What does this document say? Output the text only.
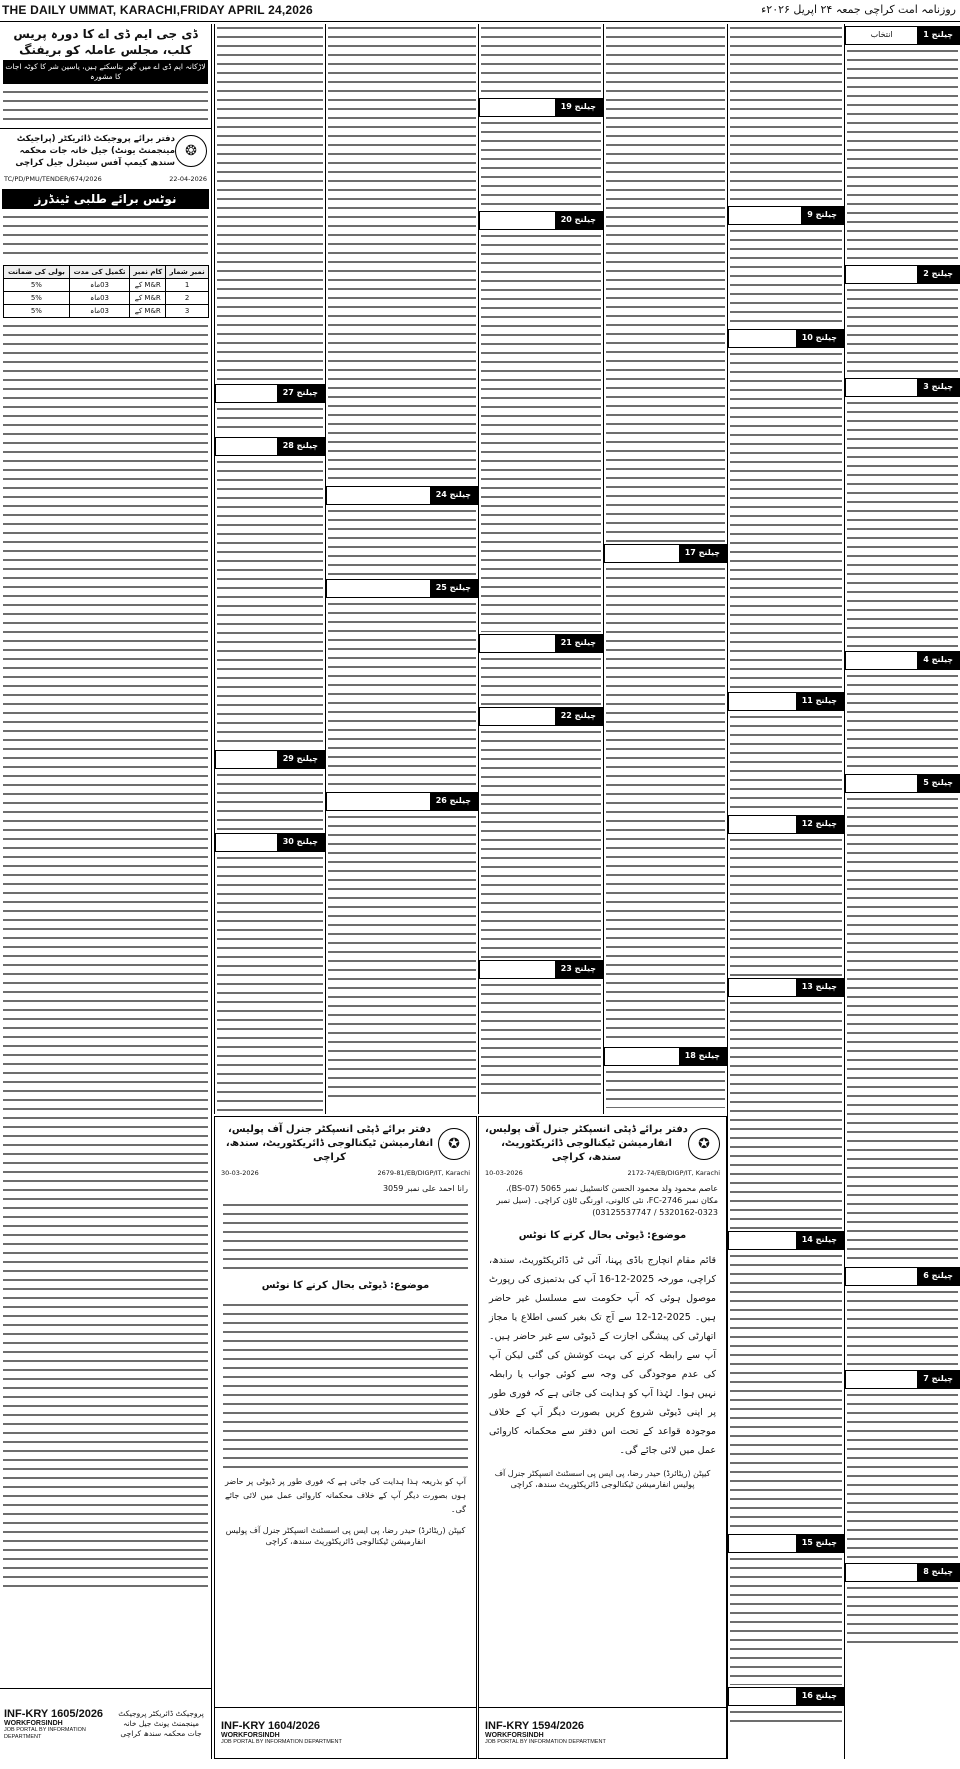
THE DAILY UMMAT, KARACHI,FRIDAY APRIL 24,2026	روزنامہ امت کراچی جمعہ ۲۴ اپریل ۲۰۲۶ء
ڈی جی ایم ڈی اے کا دورہ پریس کلب، مجلس عاملہ کو بریفنگ
لاڑکانہ ایم ڈی اے میں گھر بناسکتے ہیں، یاسین شر کا کوٹہ اجات کا مشورہ
دفتر برائے پروجیکٹ ڈائریکٹر (پراجیکٹ مینجمنٹ یونٹ) جیل خانہ جات محکمہ سندھ کیمپ آفس سینٹرل جیل کراچی
❂
TC/PD/PMU/TENDER/674/2026	22-04-2026
نوٹس برائے طلبی ٹینڈرز
نمبر شمار	کام نمبر	تکمیل کی مدت	بولی کی ضمانت
1	M&R کے	03ماہ	5%
2	M&R کے	03ماہ	5%
3	M&R کے	03ماہ	5%
INF-KRY 1605/2026
WORKFORSINDH
JOB PORTAL BY INFORMATION DEPARTMENT
پروجیکٹ ڈائریکٹر پروجیکٹ مینجمنٹ یونٹ جیل خانہ جات محکمہ سندھ کراچی
چیلنج 27
چیلنج 28
چیلنج 29
چیلنج 30
چیلنج 24
چیلنج 25
چیلنج 26
چیلنج 19
چیلنج 20
چیلنج 21
چیلنج 22
چیلنج 23
چیلنج 17
چیلنج 18
چیلنج 9
چیلنج 10
چیلنج 11
چیلنج 12
چیلنج 13
چیلنج 14
چیلنج 15
چیلنج 16
چیلنج 1
انتخاب
چیلنج 2
چیلنج 3
چیلنج 4
چیلنج 5
چیلنج 6
چیلنج 7
چیلنج 8
دفتر برائے ڈپٹی انسپکٹر جنرل آف پولیس، انفارمیشن ٹیکنالوجی ڈائریکٹوریٹ، سندھ، کراچی
✪
30-03-2026	2679-81/EB/DIGP/IT, Karachi
رانا احمد علی نمبر 3059
موضوع: ڈیوٹی بحال کرنے کا نوٹس
آپ کو بذریعہ ہذا ہدایت کی جاتی ہے کہ فوری طور پر ڈیوٹی پر حاضر ہوں بصورت دیگر آپ کے خلاف محکمانہ کاروائی عمل میں لائی جائے گی۔
کیپٹن (ریٹائرڈ) حیدر رضا، پی ایس پی اسسٹنٹ انسپکٹر جنرل آف پولیس انفارمیشن ٹیکنالوجی ڈائریکٹوریٹ سندھ، کراچی
INF-KRY 1604/2026
WORKFORSINDH
JOB PORTAL BY INFORMATION DEPARTMENT
دفتر برائے ڈپٹی انسپکٹر جنرل آف پولیس، انفارمیشن ٹیکنالوجی ڈائریکٹوریٹ، سندھ، کراچی
✪
10-03-2026	2172-74/EB/DIGP/IT, Karachi
عاصم محمود ولد محمود الحسن کانسٹیبل نمبر 5065 (BS-07)، مکان نمبر FC-2746، نئی کالونی، اورنگی ٹاؤن کراچی۔ (سیل نمبر 0323-5320162 / 03125537747)
موضوع: ڈیوٹی بحال کرنے کا نوٹس
قائم مقام انچارج باڈی پہنا، آئی ٹی ڈائریکٹوریٹ، سندھ، کراچی، مورخہ 2025-12-16 آپ کی بدتمیزی کی رپورٹ موصول ہوئی کہ آپ حکومت سے مسلسل غیر حاضر ہیں۔ 2025-12-12 سے آج تک بغیر کسی اطلاع یا مجاز اتھارٹی کی پیشگی اجازت کے ڈیوٹی سے غیر حاضر ہیں۔ آپ سے رابطہ کرنے کی بہت کوشش کی گئی لیکن آپ کی عدم موجودگی کی وجہ سے کوئی جواب یا رابطہ نہیں ہوا۔ لہٰذا آپ کو ہدایت کی جاتی ہے کہ فوری طور پر اپنی ڈیوٹی شروع کریں بصورت دیگر آپ کے خلاف موجودہ قواعد کے تحت اس دفتر سے محکمانہ کاروائی عمل میں لائی جائے گی۔
کیپٹن (ریٹائرڈ) حیدر رضا، پی ایس پی اسسٹنٹ انسپکٹر جنرل آف پولیس انفارمیشن ٹیکنالوجی ڈائریکٹوریٹ سندھ، کراچی
INF-KRY 1594/2026
WORKFORSINDH
JOB PORTAL BY INFORMATION DEPARTMENT
